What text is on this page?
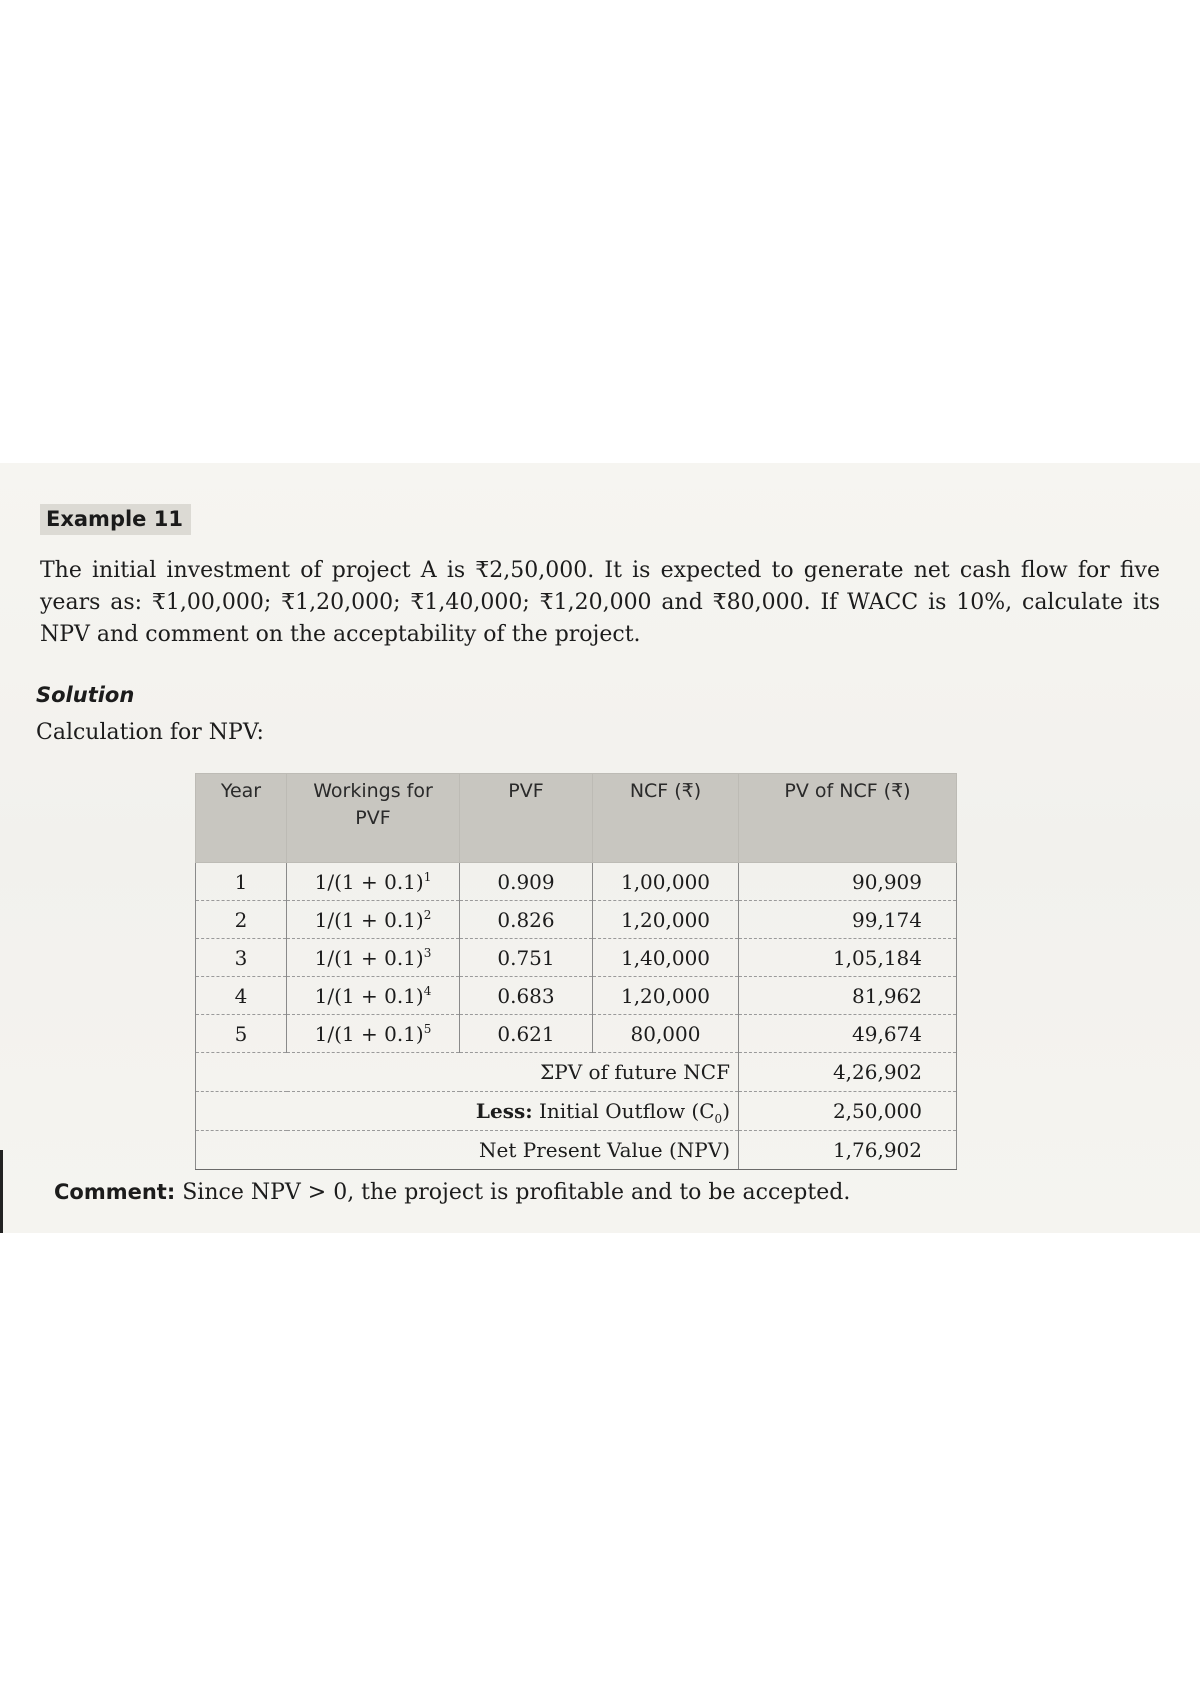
Example 11

The initial investment of project A is ₹2,50,000. It is expected to generate net cash flow for five years as: ₹1,00,000; ₹1,20,000; ₹1,40,000; ₹1,20,000 and ₹80,000. If WACC is 10%, calculate its NPV and comment on the acceptability of the project.

Solution
Calculation for NPV:
Year	Workings for PVF	PVF	NCF (₹)	PV of NCF (₹)
1	$1/(1 + 0.1)^1$	0.909	1,00,000	90,909
2	$1/(1 + 0.1)^2$	0.826	1,20,000	99,174
3	$1/(1 + 0.1)^3$	0.751	1,40,000	1,05,184
4	$1/(1 + 0.1)^4$	0.683	1,20,000	81,962
5	$1/(1 + 0.1)^5$	0.621	80,000	49,674
ΣPV of future NCF				4,26,902
Less: Initial Outflow $(C_0)$				2,50,000
Net Present Value (NPV)				1,76,902
Comment: Since NPV > 0, the project is profitable and to be accepted.
